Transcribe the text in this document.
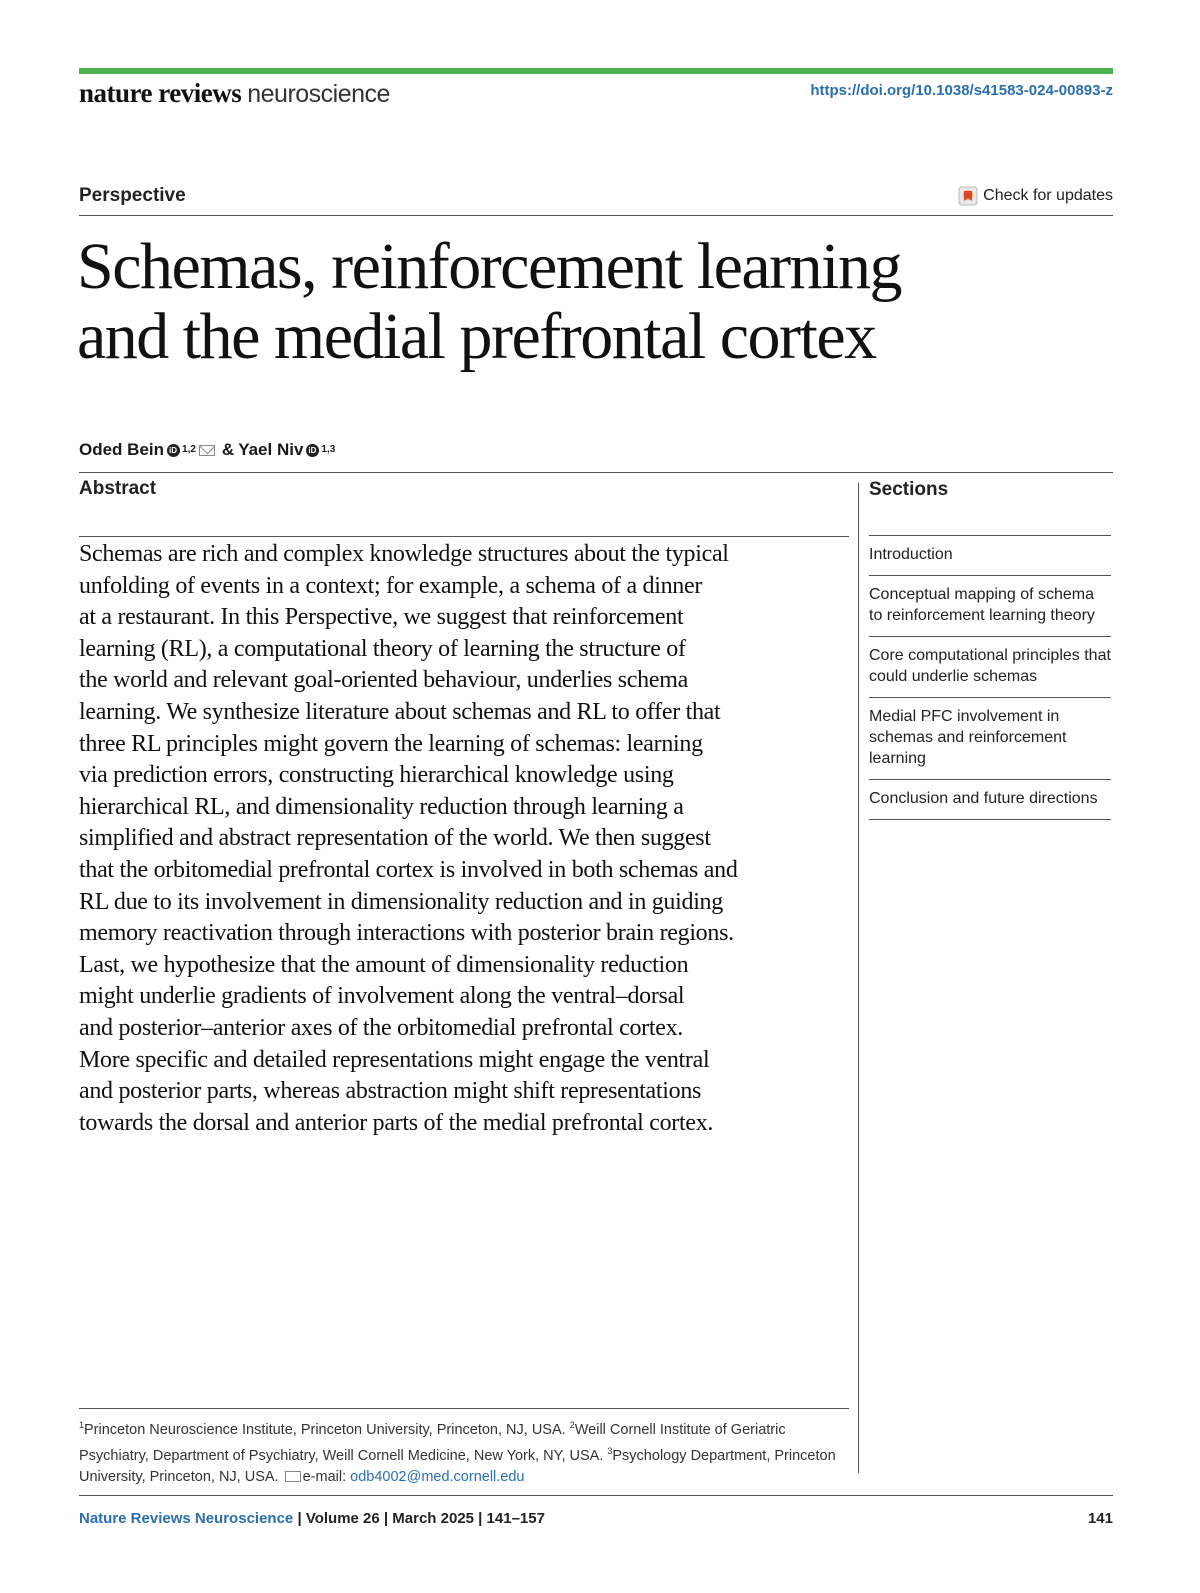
nature reviews neuroscience	https://doi.org/10.1038/s41583-024-00893-z
Perspective	Check for updates
Schemas, reinforcement learning
and the medial prefrontal cortex
Oded Bein iD 1,2 & Yael Niv iD 1,3
Abstract
Schemas are rich and complex knowledge structures about the typical
unfolding of events in a context; for example, a schema of a dinner
at a restaurant. In this Perspective, we suggest that reinforcement
learning (RL), a computational theory of learning the structure of
the world and relevant goal-oriented behaviour, underlies schema
learning. We synthesize literature about schemas and RL to offer that
three RL principles might govern the learning of schemas: learning
via prediction errors, constructing hierarchical knowledge using
hierarchical RL, and dimensionality reduction through learning a
simplified and abstract representation of the world. We then suggest
that the orbitomedial prefrontal cortex is involved in both schemas and
RL due to its involvement in dimensionality reduction and in guiding
memory reactivation through interactions with posterior brain regions.
Last, we hypothesize that the amount of dimensionality reduction
might underlie gradients of involvement along the ventral–dorsal
and posterior–anterior axes of the orbitomedial prefrontal cortex.
More specific and detailed representations might engage the ventral
and posterior parts, whereas abstraction might shift representations
towards the dorsal and anterior parts of the medial prefrontal cortex.
Sections
Introduction
Conceptual mapping of schema to reinforcement learning theory
Core computational principles that could underlie schemas
Medial PFC involvement in schemas and reinforcement learning
Conclusion and future directions
$^1$Princeton Neuroscience Institute, Princeton University, Princeton, NJ, USA. $^2$Weill Cornell Institute of Geriatric Psychiatry, Department of Psychiatry, Weill Cornell Medicine, New York, NY, USA. $^3$Psychology Department, Princeton University, Princeton, NJ, USA. e-mail: odb4002@med.cornell.edu
Nature Reviews Neuroscience | Volume 26 | March 2025 | 141–157	141
